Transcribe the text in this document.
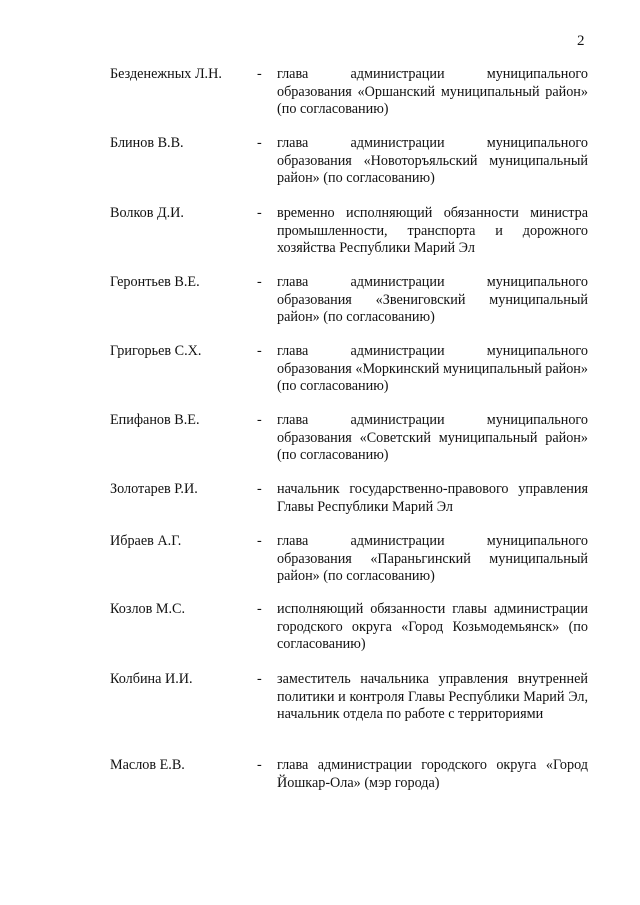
2
Безденежных Л.Н. - глава администрации муниципального образования «Оршанский муниципальный район» (по согласованию)
Блинов В.В.	- глава администрации муниципального образования «Новоторъяльский муниципальный район» (по согласованию)
Волков Д.И.	- временно исполняющий обязанности министра промышленности, транспорта и дорожного хозяйства Республики Марий Эл
Геронтьев В.Е.	- глава администрации муниципального образования «Звениговский муниципальный район» (по согласованию)
Григорьев С.Х.	- глава администрации муниципального образования «Моркинский муниципальный район» (по согласованию)
Епифанов В.Е.	- глава администрации муниципального образования «Советский муниципальный район» (по согласованию)
Золотарев Р.И.	- начальник государственно-правового управления Главы Республики Марий Эл
Ибраев А.Г.	- глава администрации муниципального образования «Параньгинский муниципальный район» (по согласованию)
Козлов М.С.	- исполняющий обязанности главы администрации городского округа «Город Козьмодемьянск» (по согласованию)
Колбина И.И.	- заместитель начальника управления внутренней политики и контроля Главы Республики Марий Эл, начальник отдела по работе с территориями
Маслов Е.В.	- глава администрации городского округа «Город Йошкар-Ола» (мэр города)
